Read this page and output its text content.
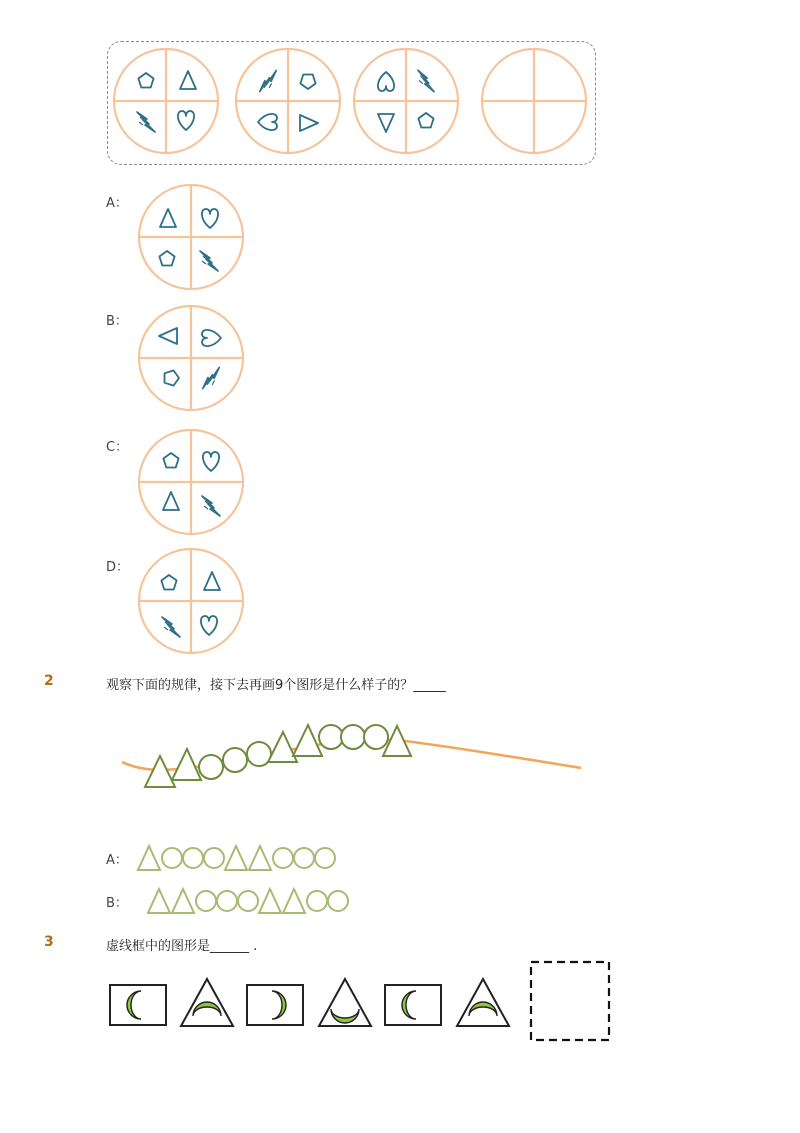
A：
B：
C：
D：
2	观察下面的规律，接下去再画9个图形是什么样子的？_____
A：
B：
3	虚线框中的图形是______ .
